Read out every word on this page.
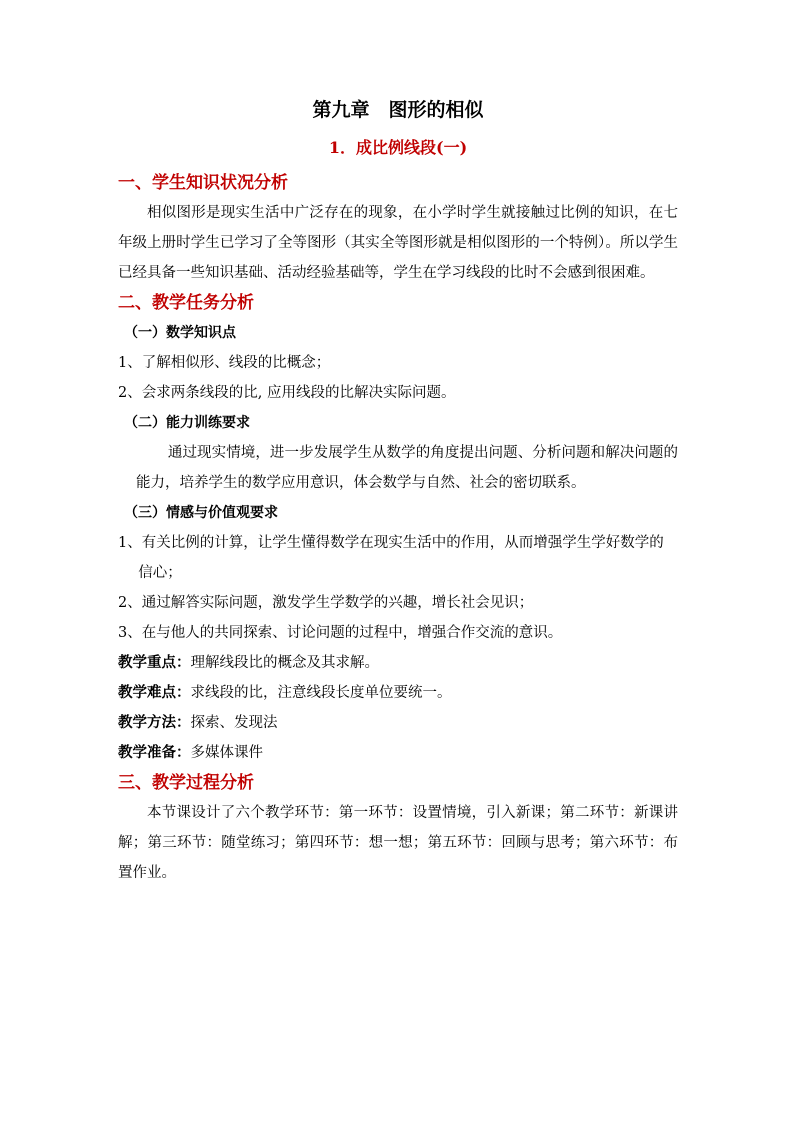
第九章　图形的相似

1．成比例线段(一)

一、学生知识状况分析

相似图形是现实生活中广泛存在的现象，在小学时学生就接触过比例的知识，在七年级上册时学生已学习了全等图形（其实全等图形就是相似图形的一个特例）。所以学生已经具备一些知识基础、活动经验基础等，学生在学习线段的比时不会感到很困难。

二、教学任务分析

（一）数学知识点

1、了解相似形、线段的比概念；

2、会求两条线段的比, 应用线段的比解决实际问题。

（二）能力训练要求

通过现实情境，进一步发展学生从数学的角度提出问题、分析问题和解决问题的能力，培养学生的数学应用意识，体会数学与自然、社会的密切联系。

（三）情感与价值观要求

1、有关比例的计算，让学生懂得数学在现实生活中的作用，从而增强学生学好数学的信心；

2、通过解答实际问题，激发学生学数学的兴趣，增长社会见识；

3、在与他人的共同探索、讨论问题的过程中，增强合作交流的意识。

教学重点：理解线段比的概念及其求解。

教学难点：求线段的比，注意线段长度单位要统一。

教学方法：探索、发现法

教学准备：多媒体课件

三、教学过程分析

本节课设计了六个教学环节：第一环节：设置情境，引入新课；第二环节：新课讲解；第三环节：随堂练习；第四环节：想一想；第五环节：回顾与思考；第六环节：布置作业。
